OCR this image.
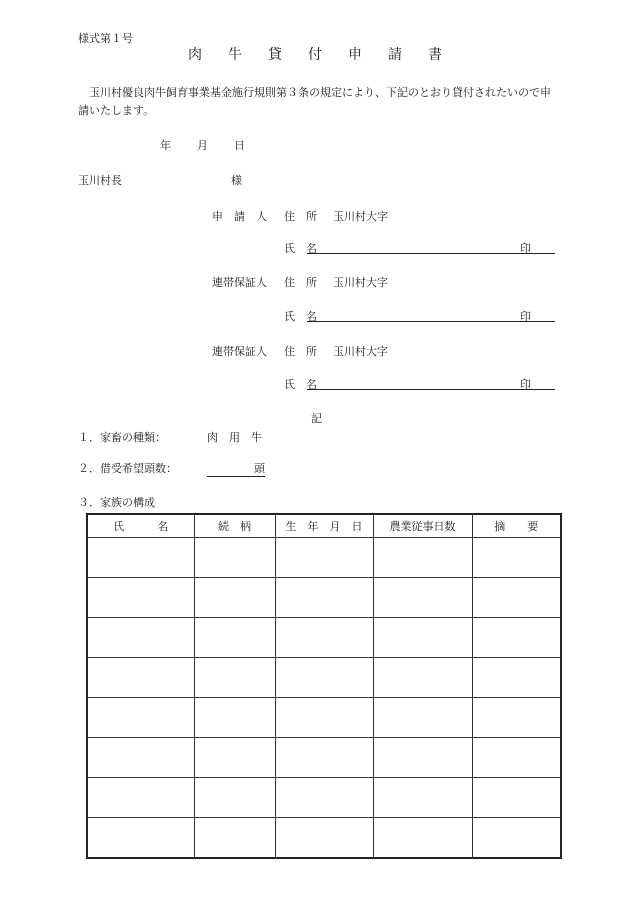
様式第１号
肉 牛 貸 付 申 請 書
玉川村優良肉牛飼育事業基金施行規則第３条の規定により、下記のとおり貸付されたいので申請いたします。
年 月 日
玉川村長	様
申　請　人 住　所 玉川村大字
氏　名	印
連帯保証人 住　所 玉川村大字
氏　名	印
連帯保証人 住　所 玉川村大字
氏　名	印
記
１．家畜の種類：	肉　用　牛
２．借受希望頭数：	頭
３．家族の構成
氏　　　名	続　柄	生　年　月　日	農業従事日数	摘　　要
